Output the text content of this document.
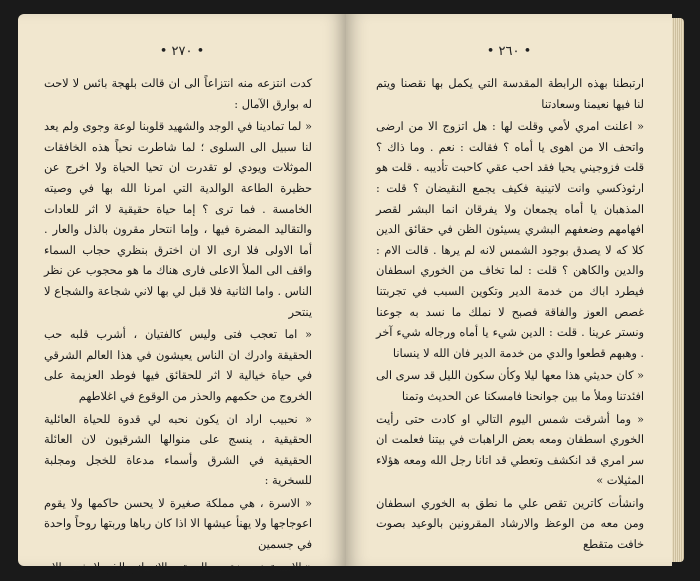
• ٢٧٠ •

كدت انتزعه منه انتزاعاً الى ان قالت بلهجة بائس لا لاحت له بوارق الآمال :

« لما تمادينا في الوجد والشهيد قلوبنا لوعة وجوى ولم يعد لنا سبيل الى السلوى ؛ لما شاطرت نحياً هذه الخافقات الموثلات ويودي لو تقدرت ان تحيا الحياة ولا اخرج عن حظيرة الطاعة الوالدية التي امرنا الله بها في وصيته الخامسة . فما ترى ؟ إما حياة حقيقية لا اثر للعادات والتقاليد المضرة فيها ، وإما انتحار مقرون بالذل والعار . أما الاولى فلا ارى الا ان اخترق بنظري حجاب السماء واقف الى الملأ الاعلى فارى هناك ما هو محجوب عن نظر الناس . واما الثانية فلا قبل لي بها لاني شجاعة والشجاع لا ينتحر

« اما تعجب فتى وليس كالفتيان ، أشرب قلبه حب الحقيقة وادرك ان الناس يعيشون في هذا العالم الشرقي في حياة خيالية لا اثر للحقائق فيها فوطد العزيمة على الخروج من حكمهم والحذر من الوقوع في اغلاطهم

« نحبيب اراد ان يكون نحبه لي قدوة للحياة العائلية الحقيقية ، ينسج على منوالها الشرقيون لان العائلة الحقيقية في الشرق وأسماء مدعاة للخجل ومجلبة للسخرية :

« الاسرة ، هي مملكة صغيرة لا يحسن حاكمها ولا يقوم اعوجاجها ولا يهنأ عيشها الا اذا كان رباها وربتها روحاً واحدة في جسمين

« الاسرة هي جزء من المجتمع الانساني الذي لا يفسد الا

• ٢٦٠ •

ارتبطنا بهذه الرابطة المقدسة التي يكمل بها نقصنا ويتم لنا فيها نعيمنا وسعادتنا

« اعلنت امري لأمي وقلت لها : هل اتزوج الا من ارضى واتحف الا من اهوى يا أماه ؟ فقالت : نعم . وما ذاك ؟ قلت فزوجيني يحيا فقد احب عقي كاحبت تأديبه . قلت هو ارثوذكسي وانت لاتينية فكيف يجمع النقيضان ؟ قلت : المذهبان يا أماه يجمعان ولا يفرقان انما البشر لقصر افهامهم وضعفهم البشري يسيئون الظن في حقائق الدين كلا كه لا يصدق بوجود الشمس لانه لم يرها . قالت الام : والدين والكاهن ؟ قلت : لما تخاف من الخوري اسطفان فيطرد اباك من خدمة الدير وتكوين السبب في تجربتنا غصص العوز والفاقة فصبح لا نملك ما نسد به جوعنا ونستر عرينا . قلت : الدين شيء يا أماه ورجاله شيء آخر . وهبهم قطعوا والدي من خدمة الدير فان الله لا ينسانا

« كان حديثي هذا معها ليلا وكأن سكون الليل قد سرى الى افئدتنا وملأ ما بين جوانحنا فامسكنا عن الحديث وتمنا

« وما أشرقت شمس اليوم التالي او كادت حتى رأيت الخوري اسطفان ومعه بعض الراهبات في بيتنا فعلمت ان سر امري قد انكشف وتعطي قد اتانا رجل الله ومعه هؤلاء المثيلات »

وانشأت كاترين تقص علي ما نطق به الخوري اسطفان ومن معه من الوعظ والارشاد المقرونين بالوعيد بصوت خافت متقطع
